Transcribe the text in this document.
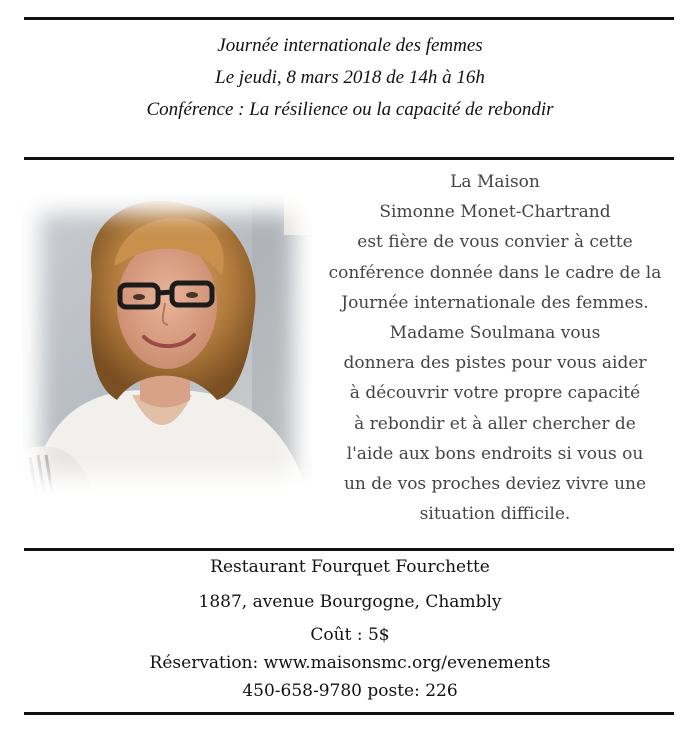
Journée internationale des femmes
Le jeudi, 8 mars 2018 de 14h à 16h
Conférence : La résilience ou la capacité de rebondir
La Maison
Simonne Monet-Chartrand
est fière de vous convier à cette
conférence donnée dans le cadre de la
Journée internationale des femmes.
Madame Soulmana vous
donnera des pistes pour vous aider
à découvrir votre propre capacité
à rebondir et à aller chercher de
l'aide aux bons endroits si vous ou
un de vos proches deviez vivre une
situation difficile.
Restaurant Fourquet Fourchette
1887, avenue Bourgogne, Chambly
Coût : 5$
Réservation: www.maisonsmc.org/evenements
450-658-9780 poste: 226
